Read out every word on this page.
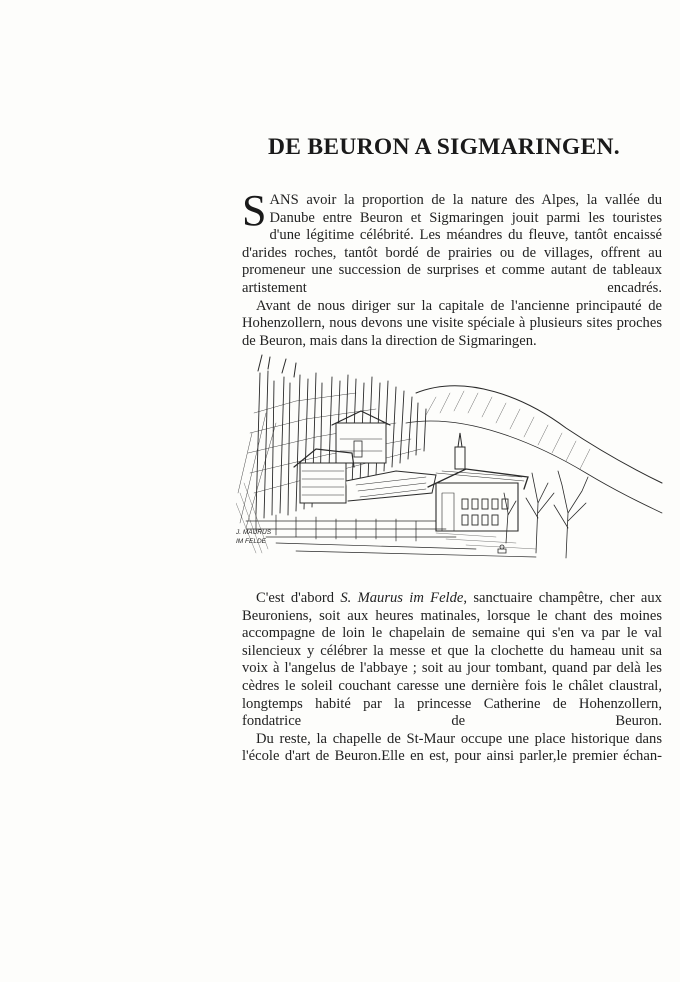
DE BEURON A SIGMARINGEN.

SANS avoir la proportion de la nature des Alpes, la vallée du Danube entre Beuron et Sigmaringen jouit parmi les touristes d'une légitime célébrité. Les méandres du fleuve, tantôt encaissé d'arides roches, tantôt bordé de prairies ou de villages, offrent au promeneur une succession de surprises et comme autant de tableaux artistement encadrés.

Avant de nous diriger sur la capitale de l'ancienne principauté de Hohenzollern, nous devons une visite spéciale à plusieurs sites proches de Beuron, mais dans la direction de Sigmaringen.

J. MAURUS
IM FELDE

C'est d'abord S. Maurus im Felde, sanctuaire champêtre, cher aux Beuroniens, soit aux heures matinales, lorsque le chant des moines accompagne de loin le chapelain de semaine qui s'en va par le val silencieux y célébrer la messe et que la clochette du hameau unit sa voix à l'angelus de l'abbaye ; soit au jour tombant, quand par delà les cèdres le soleil couchant caresse une dernière fois le châlet claustral, longtemps habité par la princesse Catherine de Hohenzollern, fondatrice de Beuron.

Du reste, la chapelle de St-Maur occupe une place historique dans l'école d'art de Beuron.Elle en est, pour ainsi parler,le premier échan-
